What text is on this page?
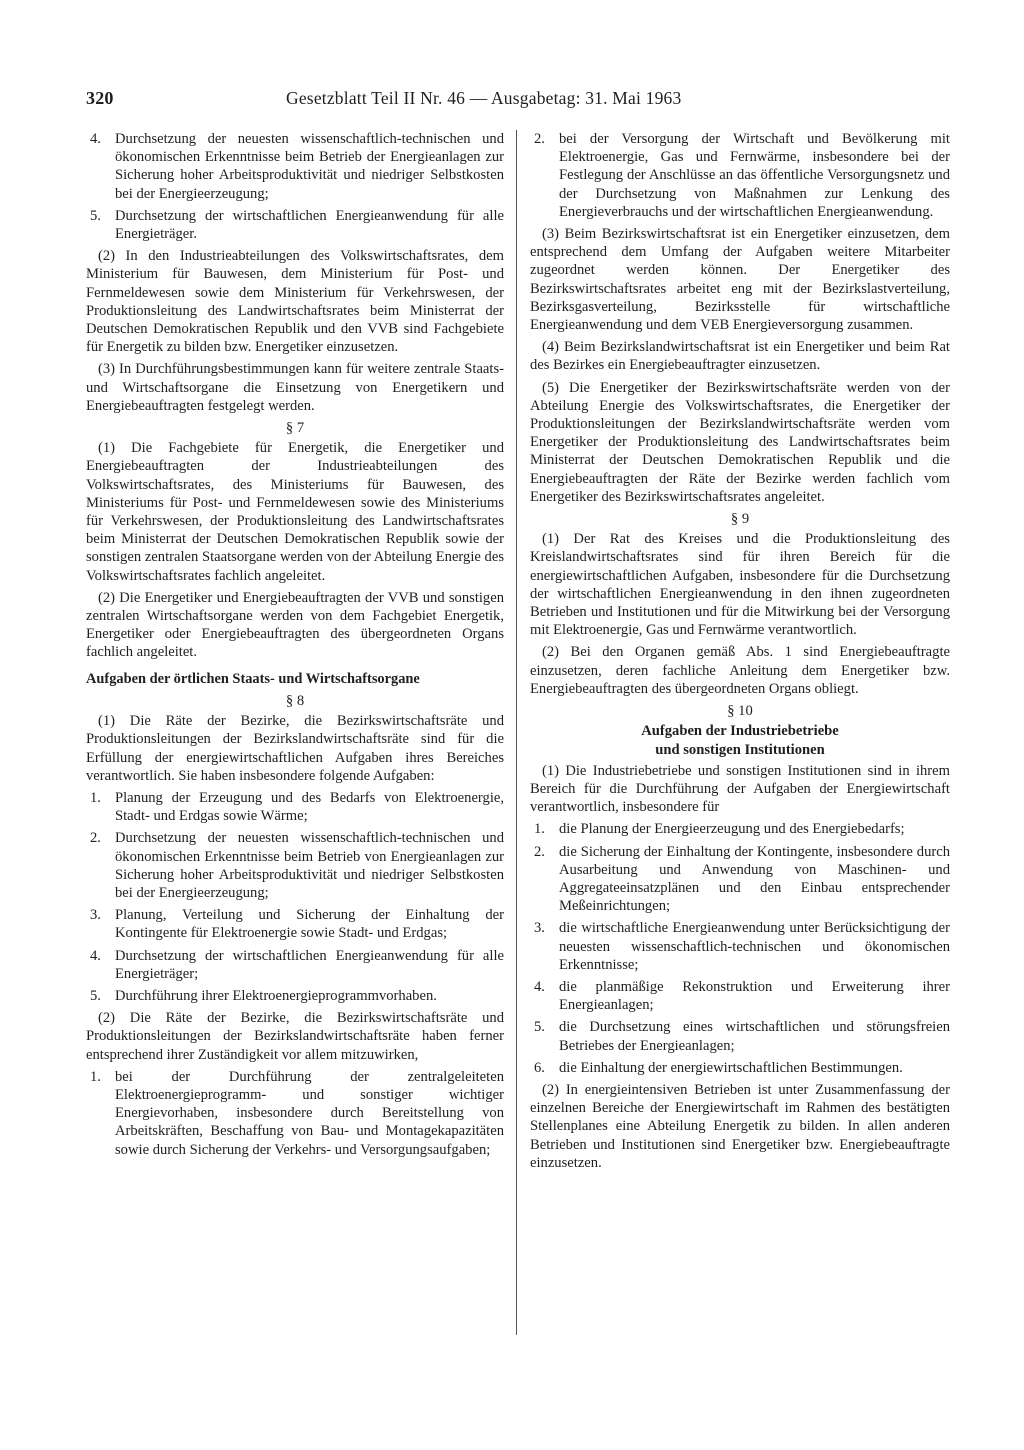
320	Gesetzblatt Teil II Nr. 46 — Ausgabetag: 31. Mai 1963
4. Durchsetzung der neuesten wissenschaftlich-technischen und ökonomischen Erkenntnisse beim Betrieb der Energieanlagen zur Sicherung hoher Arbeitsproduktivität und niedriger Selbstkosten bei der Energieerzeugung;
5. Durchsetzung der wirtschaftlichen Energieanwendung für alle Energieträger.

(2) In den Industrieabteilungen des Volkswirtschaftsrates, dem Ministerium für Bauwesen, dem Ministerium für Post- und Fernmeldewesen sowie dem Ministerium für Verkehrswesen, der Produktionsleitung des Landwirtschaftsrates beim Ministerrat der Deutschen Demokratischen Republik und den VVB sind Fachgebiete für Energetik zu bilden bzw. Energetiker einzusetzen.

(3) In Durchführungsbestimmungen kann für weitere zentrale Staats- und Wirtschaftsorgane die Einsetzung von Energetikern und Energiebeauftragten festgelegt werden.

§ 7

(1) Die Fachgebiete für Energetik, die Energetiker und Energiebeauftragten der Industrieabteilungen des Volkswirtschaftsrates, des Ministeriums für Bauwesen, des Ministeriums für Post- und Fernmeldewesen sowie des Ministeriums für Verkehrswesen, der Produktionsleitung des Landwirtschaftsrates beim Ministerrat der Deutschen Demokratischen Republik sowie der sonstigen zentralen Staatsorgane werden von der Abteilung Energie des Volkswirtschaftsrates fachlich angeleitet.

(2) Die Energetiker und Energiebeauftragten der VVB und sonstigen zentralen Wirtschaftsorgane werden von dem Fachgebiet Energetik, Energetiker oder Energiebeauftragten des übergeordneten Organs fachlich angeleitet.

Aufgaben der örtlichen Staats- und Wirtschaftsorgane
§ 8

(1) Die Räte der Bezirke, die Bezirkswirtschaftsräte und Produktionsleitungen der Bezirkslandwirtschaftsräte sind für die Erfüllung der energiewirtschaftlichen Aufgaben ihres Bereiches verantwortlich. Sie haben insbesondere folgende Aufgaben:

1. Planung der Erzeugung und des Bedarfs von Elektroenergie, Stadt- und Erdgas sowie Wärme;
2. Durchsetzung der neuesten wissenschaftlich-technischen und ökonomischen Erkenntnisse beim Betrieb von Energieanlagen zur Sicherung hoher Arbeitsproduktivität und niedriger Selbstkosten bei der Energieerzeugung;
3. Planung, Verteilung und Sicherung der Einhaltung der Kontingente für Elektroenergie sowie Stadt- und Erdgas;
4. Durchsetzung der wirtschaftlichen Energieanwendung für alle Energieträger;
5. Durchführung ihrer Elektroenergieprogrammvorhaben.

(2) Die Räte der Bezirke, die Bezirkswirtschaftsräte und Produktionsleitungen der Bezirkslandwirtschaftsräte haben ferner entsprechend ihrer Zuständigkeit vor allem mitzuwirken,

1. bei der Durchführung der zentralgeleiteten Elektroenergieprogramm- und sonstiger wichtiger Energievorhaben, insbesondere durch Bereitstellung von Arbeitskräften, Beschaffung von Bau- und Montagekapazitäten sowie durch Sicherung der Verkehrs- und Versorgungsaufgaben;
2. bei der Versorgung der Wirtschaft und Bevölkerung mit Elektroenergie, Gas und Fernwärme, insbesondere bei der Festlegung der Anschlüsse an das öffentliche Versorgungsnetz und der Durchsetzung von Maßnahmen zur Lenkung des Energieverbrauchs und der wirtschaftlichen Energieanwendung.

(3) Beim Bezirkswirtschaftsrat ist ein Energetiker einzusetzen, dem entsprechend dem Umfang der Aufgaben weitere Mitarbeiter zugeordnet werden können. Der Energetiker des Bezirkswirtschaftsrates arbeitet eng mit der Bezirkslastverteilung, Bezirksgasverteilung, Bezirksstelle für wirtschaftliche Energieanwendung und dem VEB Energieversorgung zusammen.

(4) Beim Bezirkslandwirtschaftsrat ist ein Energetiker und beim Rat des Bezirkes ein Energiebeauftragter einzusetzen.

(5) Die Energetiker der Bezirkswirtschaftsräte werden von der Abteilung Energie des Volkswirtschaftsrates, die Energetiker der Produktionsleitungen der Bezirkslandwirtschaftsräte werden vom Energetiker der Produktionsleitung des Landwirtschaftsrates beim Ministerrat der Deutschen Demokratischen Republik und die Energiebeauftragten der Räte der Bezirke werden fachlich vom Energetiker des Bezirkswirtschaftsrates angeleitet.

§ 9

(1) Der Rat des Kreises und die Produktionsleitung des Kreislandwirtschaftsrates sind für ihren Bereich für die energiewirtschaftlichen Aufgaben, insbesondere für die Durchsetzung der wirtschaftlichen Energieanwendung in den ihnen zugeordneten Betrieben und Institutionen und für die Mitwirkung bei der Versorgung mit Elektroenergie, Gas und Fernwärme verantwortlich.

(2) Bei den Organen gemäß Abs. 1 sind Energiebeauftragte einzusetzen, deren fachliche Anleitung dem Energetiker bzw. Energiebeauftragten des übergeordneten Organs obliegt.

§ 10
Aufgaben der Industriebetriebe
und sonstigen Institutionen

(1) Die Industriebetriebe und sonstigen Institutionen sind in ihrem Bereich für die Durchführung der Aufgaben der Energiewirtschaft verantwortlich, insbesondere für

1. die Planung der Energieerzeugung und des Energiebedarfs;
2. die Sicherung der Einhaltung der Kontingente, insbesondere durch Ausarbeitung und Anwendung von Maschinen- und Aggregateeinsatzplänen und den Einbau entsprechender Meßeinrichtungen;
3. die wirtschaftliche Energieanwendung unter Berücksichtigung der neuesten wissenschaftlich-technischen und ökonomischen Erkenntnisse;
4. die planmäßige Rekonstruktion und Erweiterung ihrer Energieanlagen;
5. die Durchsetzung eines wirtschaftlichen und störungsfreien Betriebes der Energieanlagen;
6. die Einhaltung der energiewirtschaftlichen Bestimmungen.

(2) In energieintensiven Betrieben ist unter Zusammenfassung der einzelnen Bereiche der Energiewirtschaft im Rahmen des bestätigten Stellenplanes eine Abteilung Energetik zu bilden. In allen anderen Betrieben und Institutionen sind Energetiker bzw. Energiebeauftragte einzusetzen.
